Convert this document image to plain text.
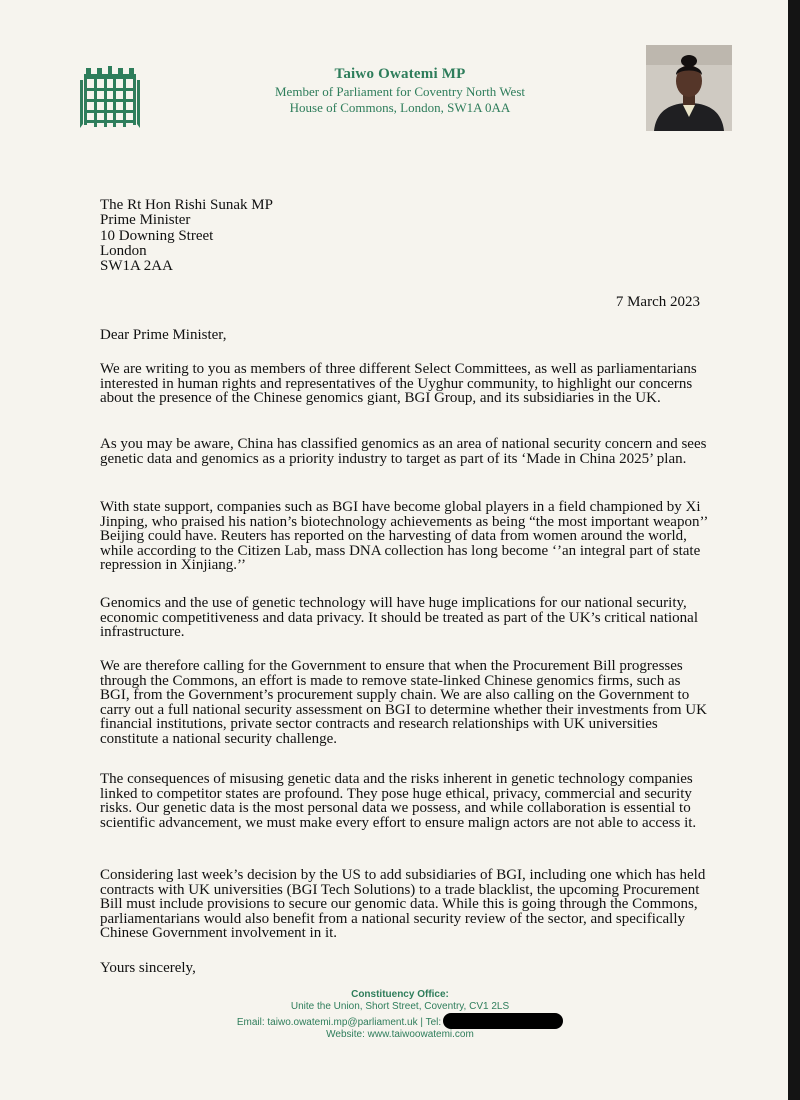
Taiwo Owatemi MP
Member of Parliament for Coventry North West
House of Commons, London, SW1A 0AA
The Rt Hon Rishi Sunak MP
Prime Minister
10 Downing Street
London
SW1A 2AA
7 March 2023
Dear Prime Minister,

We are writing to you as members of three different Select Committees, as well as parliamentarians interested in human rights and representatives of the Uyghur community, to highlight our concerns about the presence of the Chinese genomics giant, BGI Group, and its subsidiaries in the UK.

As you may be aware, China has classified genomics as an area of national security concern and sees genetic data and genomics as a priority industry to target as part of its ‘Made in China 2025’ plan.

With state support, companies such as BGI have become global players in a field championed by Xi Jinping, who praised his nation’s biotechnology achievements as being “the most important weapon’’ Beijing could have. Reuters has reported on the harvesting of data from women around the world, while according to the Citizen Lab, mass DNA collection has long become ‘’an integral part of state repression in Xinjiang.’’

Genomics and the use of genetic technology will have huge implications for our national security, economic competitiveness and data privacy. It should be treated as part of the UK’s critical national infrastructure.

We are therefore calling for the Government to ensure that when the Procurement Bill progresses through the Commons, an effort is made to remove state-linked Chinese genomics firms, such as BGI, from the Government’s procurement supply chain. We are also calling on the Government to carry out a full national security assessment on BGI to determine whether their investments from UK financial institutions, private sector contracts and research relationships with UK universities constitute a national security challenge.

The consequences of misusing genetic data and the risks inherent in genetic technology companies linked to competitor states are profound. They pose huge ethical, privacy, commercial and security risks. Our genetic data is the most personal data we possess, and while collaboration is essential to scientific advancement, we must make every effort to ensure malign actors are not able to access it.

Considering last week’s decision by the US to add subsidiaries of BGI, including one which has held contracts with UK universities (BGI Tech Solutions) to a trade blacklist, the upcoming Procurement Bill must include provisions to secure our genomic data. While this is going through the Commons, parliamentarians would also benefit from a national security review of the sector, and specifically Chinese Government involvement in it.

Yours sincerely,
Constituency Office:
Unite the Union, Short Street, Coventry, CV1 2LS
Email: taiwo.owatemi.mp@parliament.uk | Tel:
Website: www.taiwoowatemi.com
